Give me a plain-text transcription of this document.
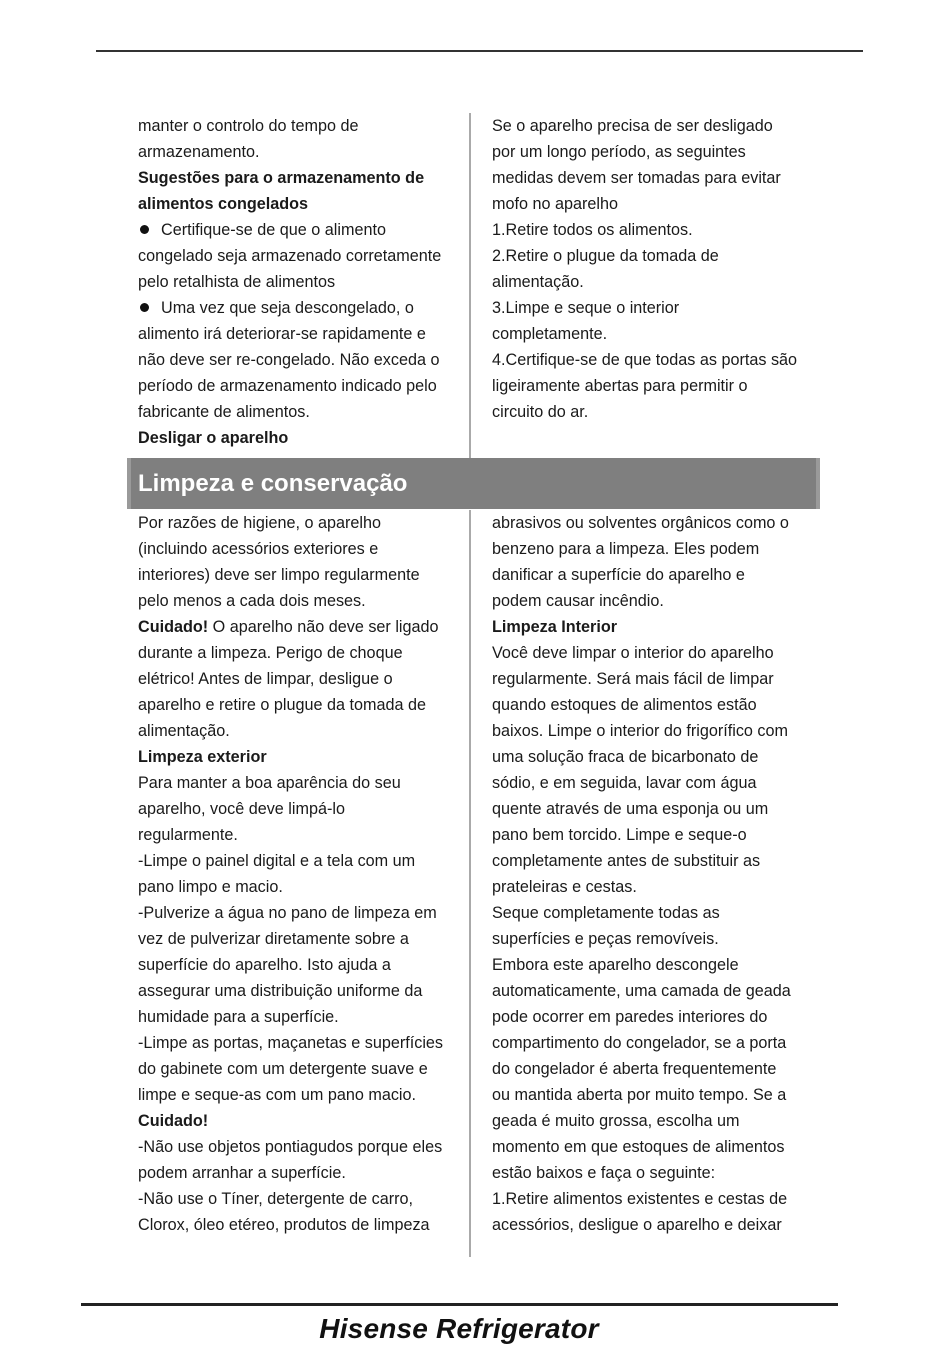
manter o controlo do tempo de
armazenamento.
Sugestões para o armazenamento de
alimentos congelados
Certifique-se de que o alimento
congelado seja armazenado corretamente
pelo retalhista de alimentos
Uma vez que seja descongelado, o
alimento irá deteriorar-se rapidamente e
não deve ser re-congelado. Não exceda o
período de armazenamento indicado pelo
fabricante de alimentos.
Desligar o aparelho
Se o aparelho precisa de ser desligado
por um longo período, as seguintes
medidas devem ser tomadas para evitar
mofo no aparelho
1.Retire todos os alimentos.
2.Retire o plugue da tomada de
alimentação.
3.Limpe e seque o interior
completamente.
4.Certifique-se de que todas as portas são
ligeiramente abertas para permitir o
circuito do ar.
Limpeza e conservação
Por razões de higiene, o aparelho
(incluindo acessórios exteriores e
interiores) deve ser limpo regularmente
pelo menos a cada dois meses.
Cuidado! O aparelho não deve ser ligado
durante a limpeza. Perigo de choque
elétrico! Antes de limpar, desligue o
aparelho e retire o plugue da tomada de
alimentação.
Limpeza exterior
Para manter a boa aparência do seu
aparelho, você deve limpá-lo
regularmente.
-Limpe o painel digital e a tela com um
pano limpo e macio.
-Pulverize a água no pano de limpeza em
vez de pulverizar diretamente sobre a
superfície do aparelho. Isto ajuda a
assegurar uma distribuição uniforme da
humidade para a superfície.
-Limpe as portas, maçanetas e superfícies
do gabinete com um detergente suave e
limpe e seque-as com um pano macio.
Cuidado!
-Não use objetos pontiagudos porque eles
podem arranhar a superfície.
-Não use o Tíner, detergente de carro,
Clorox, óleo etéreo, produtos de limpeza
abrasivos ou solventes orgânicos como o
benzeno para a limpeza. Eles podem
danificar a superfície do aparelho e
podem causar incêndio.
Limpeza Interior
Você deve limpar o interior do aparelho
regularmente. Será mais fácil de limpar
quando estoques de alimentos estão
baixos. Limpe o interior do frigorífico com
uma solução fraca de bicarbonato de
sódio, e em seguida, lavar com água
quente através de uma esponja ou um
pano bem torcido. Limpe e seque-o
completamente antes de substituir as
prateleiras e cestas.
Seque completamente todas as
superfícies e peças removíveis.
Embora este aparelho descongele
automaticamente, uma camada de geada
pode ocorrer em paredes interiores do
compartimento do congelador, se a porta
do congelador é aberta frequentemente
ou mantida aberta por muito tempo. Se a
geada é muito grossa, escolha um
momento em que estoques de alimentos
estão baixos e faça o seguinte:
1.Retire alimentos existentes e cestas de
acessórios, desligue o aparelho e deixar
Hisense Refrigerator
